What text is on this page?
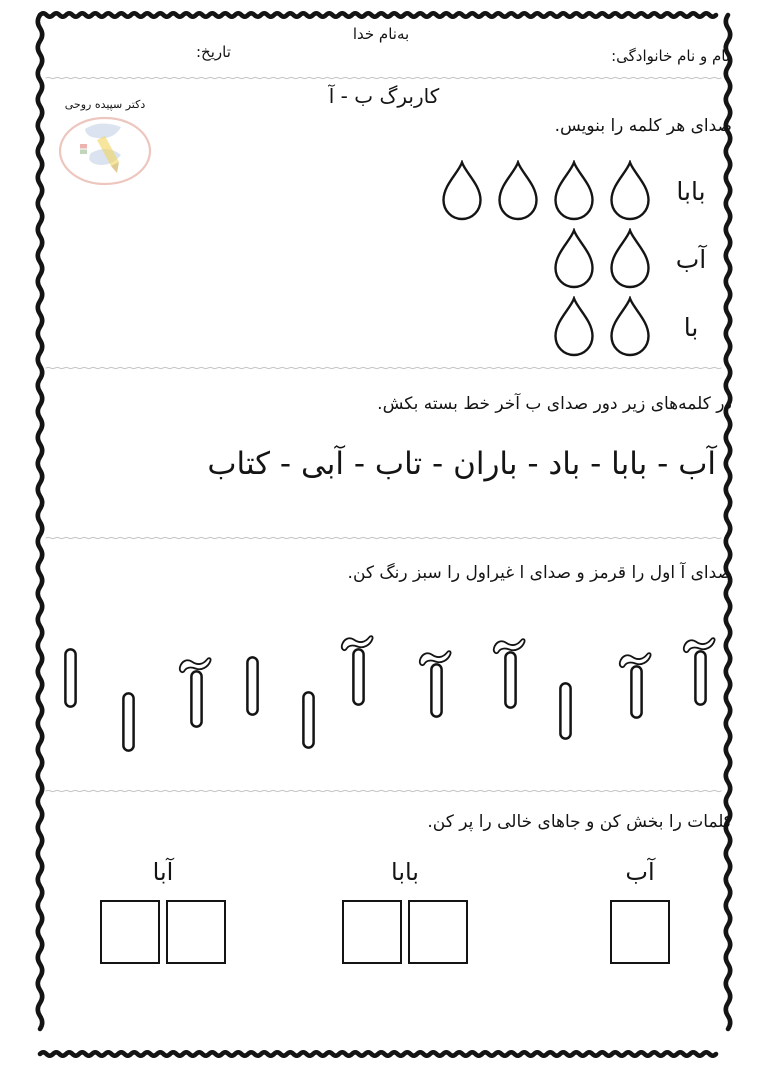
به‌نام خدا
نام و نام خانوادگی:
تاریخ:
کاربرگ ب - آ
دکتر سپیده روحی
صدای هر کلمه را بنویس.
بابا
آب
با
در کلمه‌های زیر دور صدای ب آخر خط بسته بکش.
آب - بابا - باد - باران - تاب - آبی - کتاب
صدای آ اول را قرمز و صدای ا غیراول را سبز رنگ کن.
کلمات را بخش کن و جاهای خالی را پر کن.
آب
بابا
آبا
